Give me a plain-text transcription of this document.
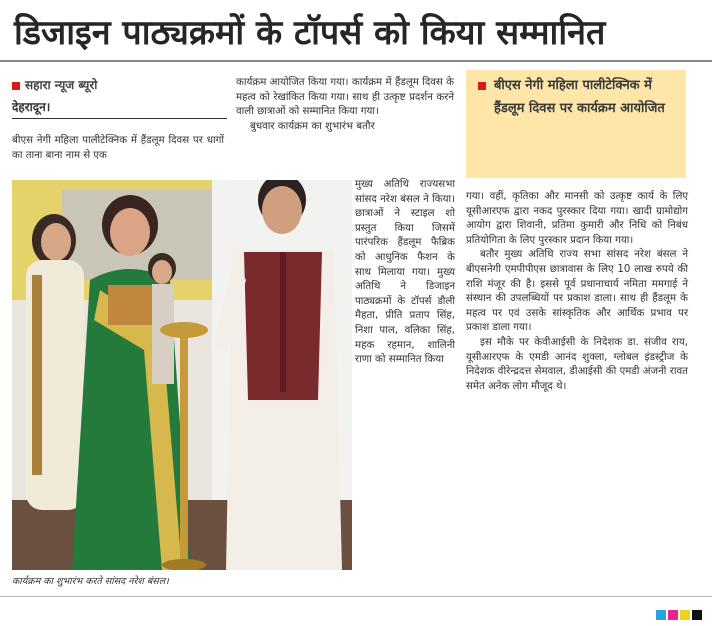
डिजाइन पाठ्यक्रमों के टॉपर्स को किया सम्मानित
सहारा न्यूज ब्यूरो
देहरादून।
बीएस नेगी महिला पालीटेक्निक में हैंडलूम दिवस पर धागों का ताना बाना नाम से एक

कार्यक्रम आयोजित किया गया। कार्यक्रम में हैंडलूम दिवस के महत्व को रेखांकित किया गया। साथ ही उत्कृष्ट प्रदर्शन करने वाली छात्राओं को सम्मानित किया गया।

बुधवार कार्यक्रम का शुभारंभ बतौर

मुख्य अतिथि राज्यसभा सांसद नरेश बंसल ने किया। छात्राओं ने स्टाइल शो प्रस्तुत किया जिसमें पारंपरिक हैंडलूम फैब्रिक को आधुनिक फैशन के साथ मिलाया गया। मुख्य अतिथि ने डिजाइन पाठ्यक्रमों के टॉपर्स डौली मैहता, प्रीति प्रताप सिंह, निशा पाल, वलिका सिंह, महक रहमान, शालिनी राणा को सम्मानित किया
बीएस नेगी महिला पालीटेक्निक में हैंडलूम दिवस पर कार्यक्रम आयोजित

गया। वहीं, कृतिका और मानसी को उत्कृष्ट कार्य के लिए यूसीआरएफ द्वारा नकद पुरस्कार दिया गया। खादी ग्रामोद्योग आयोग द्वारा शिवानी, प्रतिमा कुमारी और निधि को निबंध प्रतियोगिता के लिए पुरस्कार प्रदान किया गया।

बतौर मुख्य अतिथि राज्य सभा सांसद नरेश बंसल ने बीएसनेगी एमपीपीएस छात्रावास के लिए 10 लाख रुपये की राशि मंजूर की है। इससे पूर्व प्रधानाचार्य नमिता ममगाई ने संस्थान की उपलब्धियों पर प्रकाश डाला। साथ ही हैंडलूम के महत्व पर एवं उसके सांस्कृतिक और आर्थिक प्रभाव पर प्रकाश डाला गया।

इस मौके पर केवीआईसी के निदेशक डा. संजीव राय, यूसीआरएफ के एमडी आनंद शुक्ला, ग्लोबल इंडस्ट्रीज के निदेशक वीरेन्द्रदत्त सेमवाल, डीआईसी की एमडी अंजनी रावत समेत अनेक लोग मौजूद थे।

कार्यक्रम का शुभारंभ करते सांसद नरेश बंसल।
